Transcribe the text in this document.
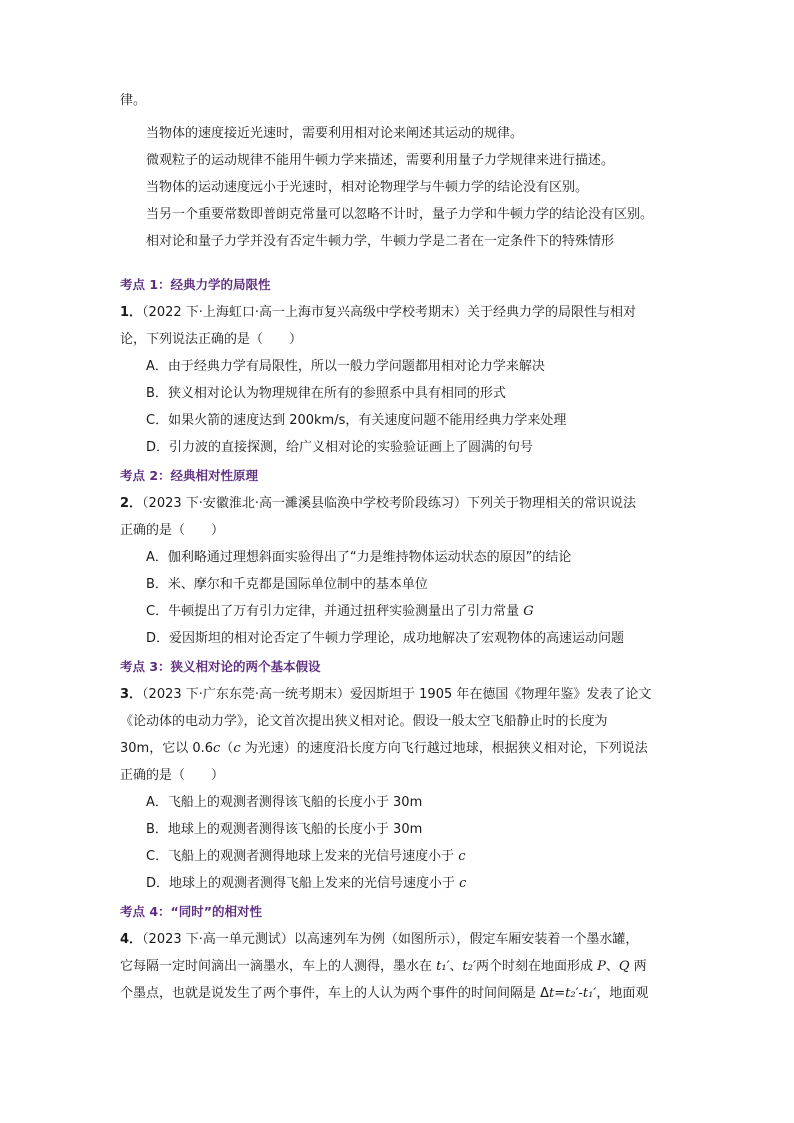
律。
当物体的速度接近光速时，需要利用相对论来阐述其运动的规律。
微观粒子的运动规律不能用牛顿力学来描述，需要利用量子力学规律来进行描述。
当物体的运动速度远小于光速时，相对论物理学与牛顿力学的结论没有区别。
当另一个重要常数即普朗克常量可以忽略不计时，量子力学和牛顿力学的结论没有区别。
相对论和量子力学并没有否定牛顿力学，牛顿力学是二者在一定条件下的特殊情形
考点 1：经典力学的局限性
1．（2022 下·上海虹口·高一上海市复兴高级中学校考期末）关于经典力学的局限性与相对
论，下列说法正确的是（　　）
A．由于经典力学有局限性，所以一般力学问题都用相对论力学来解决
B．狭义相对论认为物理规律在所有的参照系中具有相同的形式
C．如果火箭的速度达到 200km/s，有关速度问题不能用经典力学来处理
D．引力波的直接探测，给广义相对论的实验验证画上了圆满的句号
考点 2：经典相对性原理
2．（2023 下·安徽淮北·高一濉溪县临涣中学校考阶段练习）下列关于物理相关的常识说法
正确的是（　　）
A．伽利略通过理想斜面实验得出了“力是维持物体运动状态的原因”的结论
B．米、摩尔和千克都是国际单位制中的基本单位
C．牛顿提出了万有引力定律，并通过扭秤实验测量出了引力常量 G
D．爱因斯坦的相对论否定了牛顿力学理论，成功地解决了宏观物体的高速运动问题
考点 3：狭义相对论的两个基本假设
3．（2023 下·广东东莞·高一统考期末）爱因斯坦于 1905 年在德国《物理年鉴》发表了论文
《论动体的电动力学》，论文首次提出狭义相对论。假设一般太空飞船静止时的长度为
30m，它以 0.6c（c 为光速）的速度沿长度方向飞行越过地球，根据狭义相对论，下列说法
正确的是（　　）
A．飞船上的观测者测得该飞船的长度小于 30m
B．地球上的观测者测得该飞船的长度小于 30m
C．飞船上的观测者测得地球上发来的光信号速度小于 c
D．地球上的观测者测得飞船上发来的光信号速度小于 c
考点 4：“同时”的相对性
4．（2023 下·高一单元测试）以高速列车为例（如图所示），假定车厢安装着一个墨水罐，
它每隔一定时间滴出一滴墨水，车上的人测得，墨水在 t₁′、t₂′两个时刻在地面形成 P、Q 两
个墨点，也就是说发生了两个事件，车上的人认为两个事件的时间间隔是 Δt=t₂′-t₁′，地面观
